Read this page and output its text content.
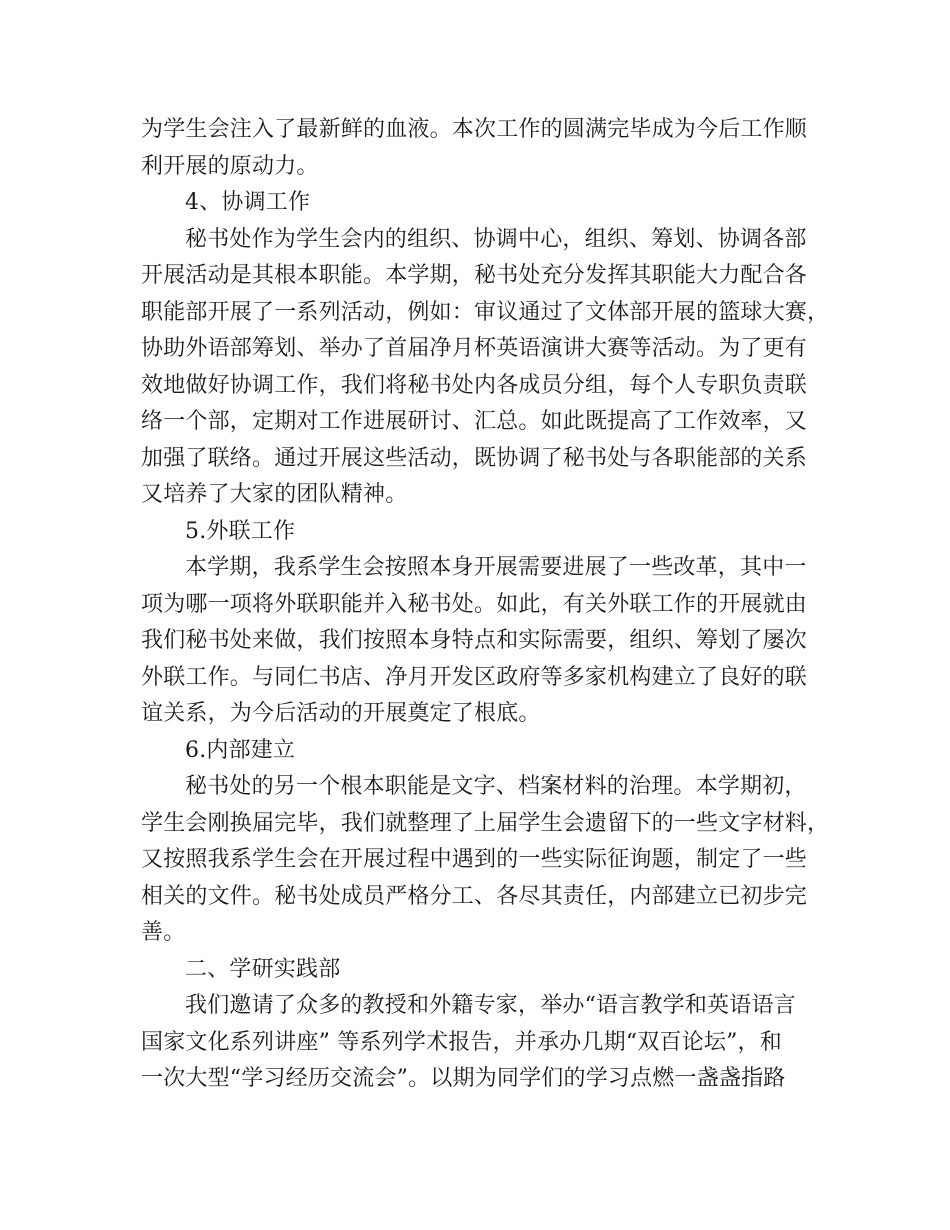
为学生会注入了最新鲜的血液。本次工作的圆满完毕成为今后工作顺
利开展的原动力。
4、协调工作
秘书处作为学生会内的组织、协调中心，组织、筹划、协调各部
开展活动是其根本职能。本学期，秘书处充分发挥其职能大力配合各
职能部开展了一系列活动，例如：审议通过了文体部开展的篮球大赛，
协助外语部筹划、举办了首届净月杯英语演讲大赛等活动。为了更有
效地做好协调工作，我们将秘书处内各成员分组，每个人专职负责联
络一个部，定期对工作进展研讨、汇总。如此既提高了工作效率，又
加强了联络。通过开展这些活动，既协调了秘书处与各职能部的关系
又培养了大家的团队精神。
5.外联工作
本学期，我系学生会按照本身开展需要进展了一些改革，其中一
项为哪一项将外联职能并入秘书处。如此，有关外联工作的开展就由
我们秘书处来做，我们按照本身特点和实际需要，组织、筹划了屡次
外联工作。与同仁书店、净月开发区政府等多家机构建立了良好的联
谊关系，为今后活动的开展奠定了根底。
6.内部建立
秘书处的另一个根本职能是文字、档案材料的治理。本学期初，
学生会刚换届完毕，我们就整理了上届学生会遗留下的一些文字材料，
又按照我系学生会在开展过程中遇到的一些实际征询题，制定了一些
相关的文件。秘书处成员严格分工、各尽其责任，内部建立已初步完
善。
二、学研实践部
我们邀请了众多的教授和外籍专家，举办“语言教学和英语语言
国家文化系列讲座” 等系列学术报告，并承办几期“双百论坛”，和
一次大型“学习经历交流会”。以期为同学们的学习点燃一盏盏指路
